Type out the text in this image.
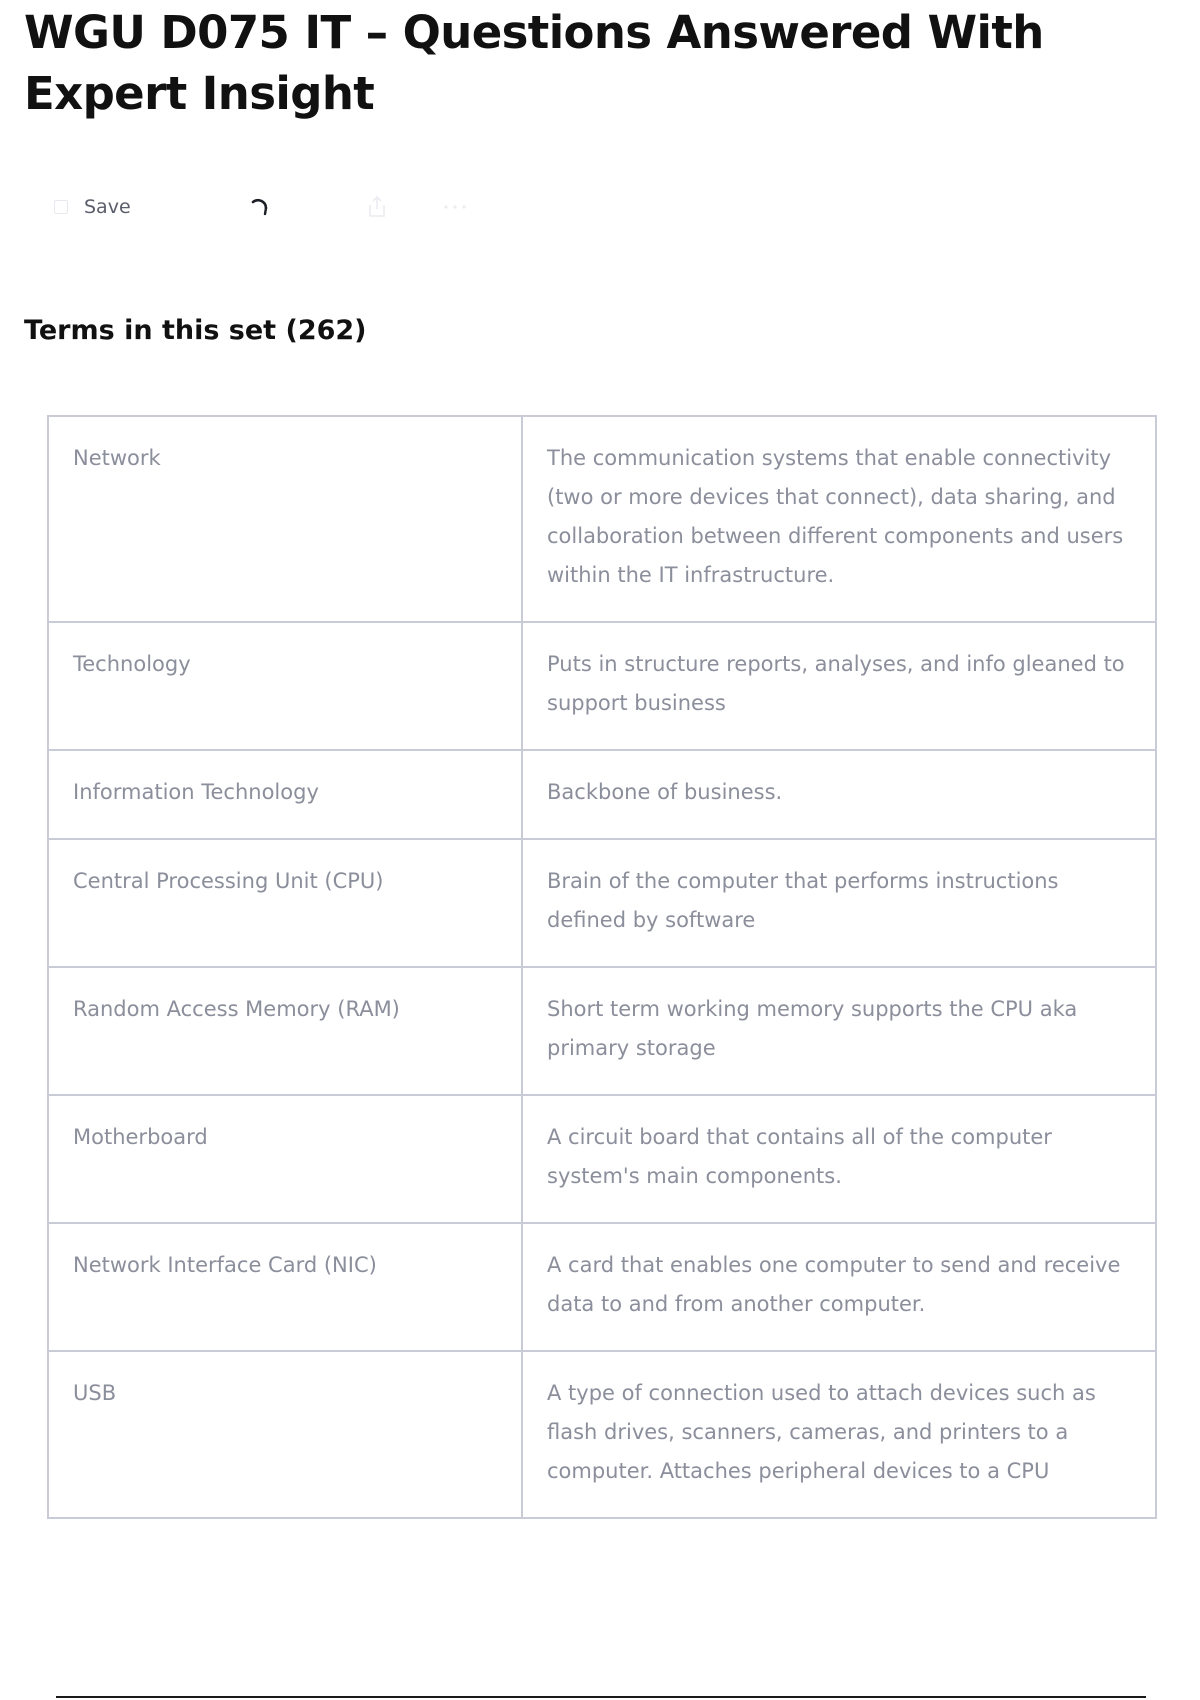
WGU D075 IT – Questions Answered With Expert Insight
Save
Terms in this set (262)
Network	The communication systems that enable connectivity (two or more devices that connect), data sharing, and collaboration between different components and users within the IT infrastructure.
Technology	Puts in structure reports, analyses, and info gleaned to support business
Information Technology	Backbone of business.
Central Processing Unit (CPU)	Brain of the computer that performs instructions defined by software
Random Access Memory (RAM)	Short term working memory supports the CPU aka primary storage
Motherboard	A circuit board that contains all of the computer system's main components.
Network Interface Card (NIC)	A card that enables one computer to send and receive data to and from another computer.
USB	A type of connection used to attach devices such as flash drives, scanners, cameras, and printers to a computer. Attaches peripheral devices to a CPU
